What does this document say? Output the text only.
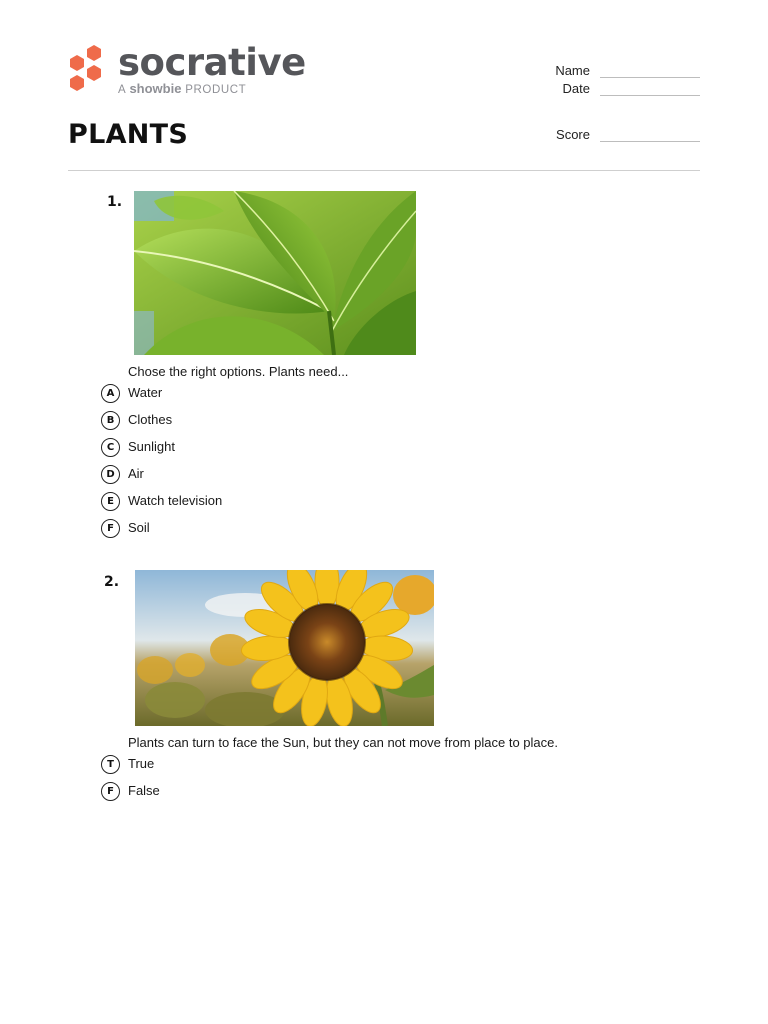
socrative
A showbie PRODUCT
PLANTS
Name
Date
Score
1.
Chose the right options. Plants need...
A	Water
B	Clothes
C	Sunlight
D	Air
E	Watch television
F	Soil
2.
Plants can turn to face the Sun, but they can not move from place to place.
T	True
F	False
